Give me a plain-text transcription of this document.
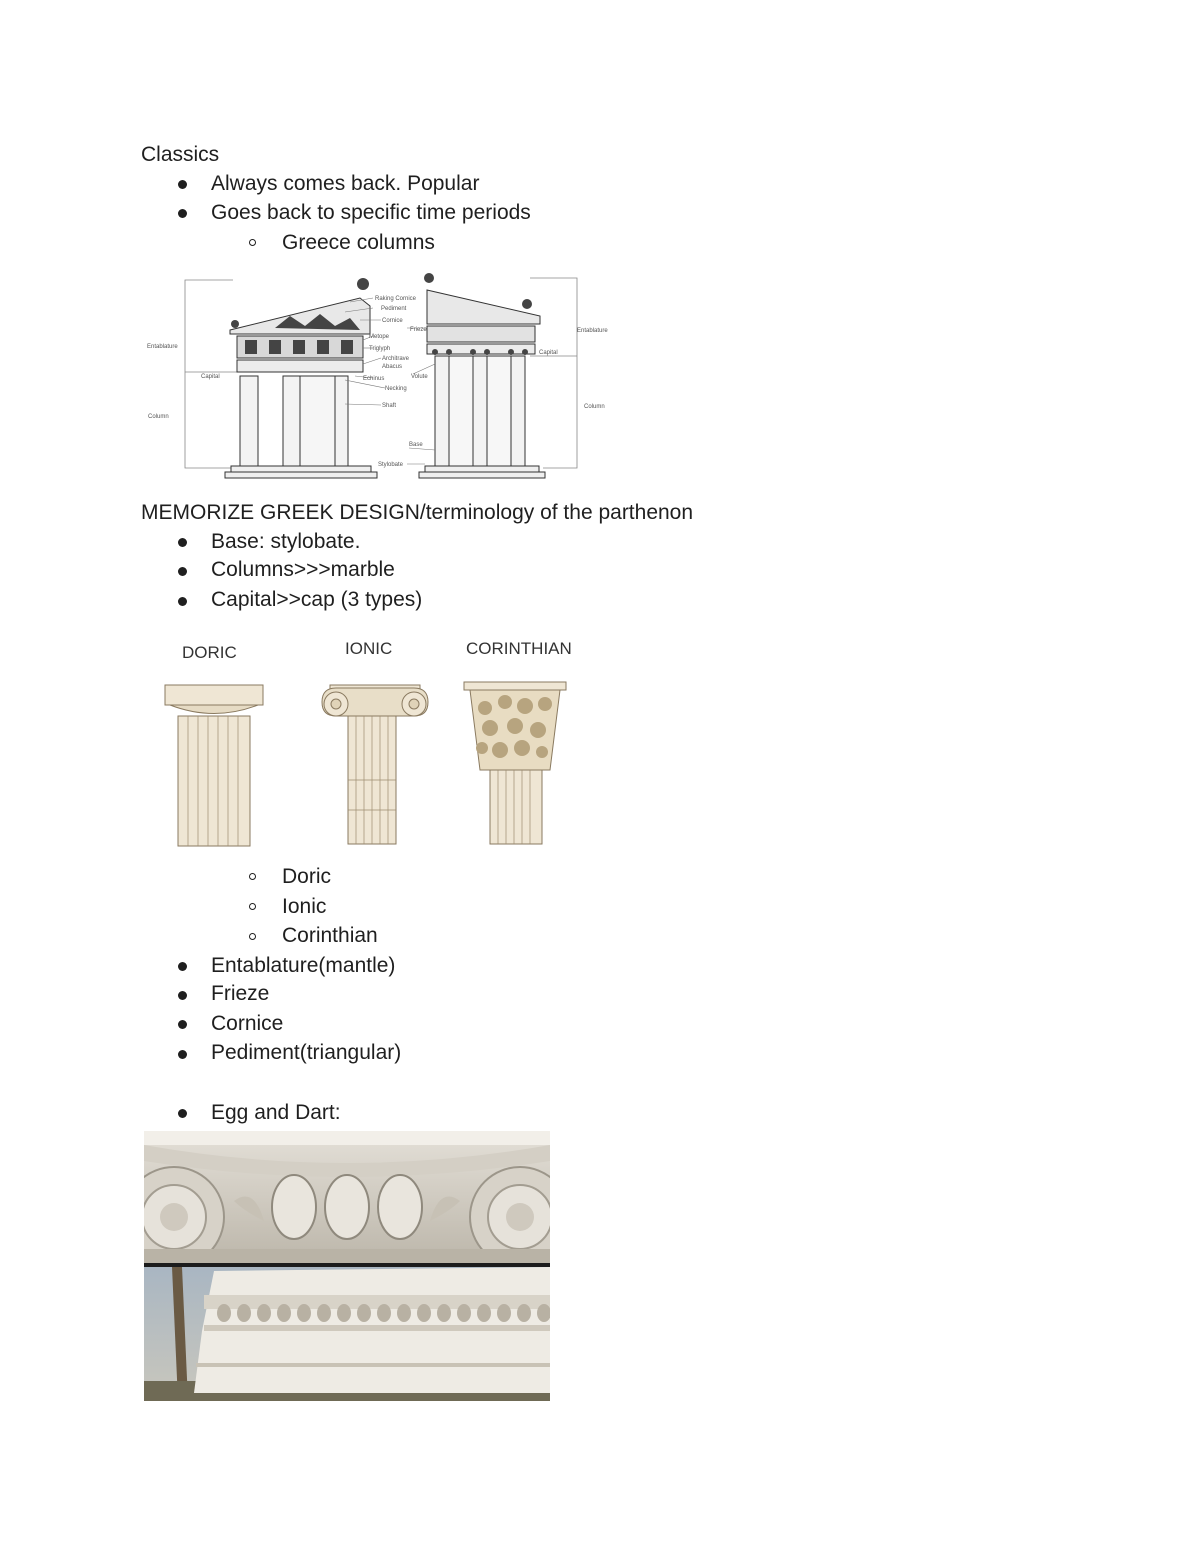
Classics
Always comes back. Popular
Goes back to specific time periods
Greece columns
Raking Cornice
Pediment
Cornice
Frieze
Metope
Triglyph
Architrave
Abacus
Echinus	Volute
Necking
Shaft
Base
Stylobate
Entablature
Entablature
Capital
Capital
Column
Column
MEMORIZE GREEK DESIGN/terminology of the parthenon
Base: stylobate.
Columns>>>marble
Capital>>cap (3 types)
DORIC	IONIC	CORINTHIAN
Doric
Ionic
Corinthian
Entablature(mantle)
Frieze
Cornice
Pediment(triangular)
Egg and Dart:
